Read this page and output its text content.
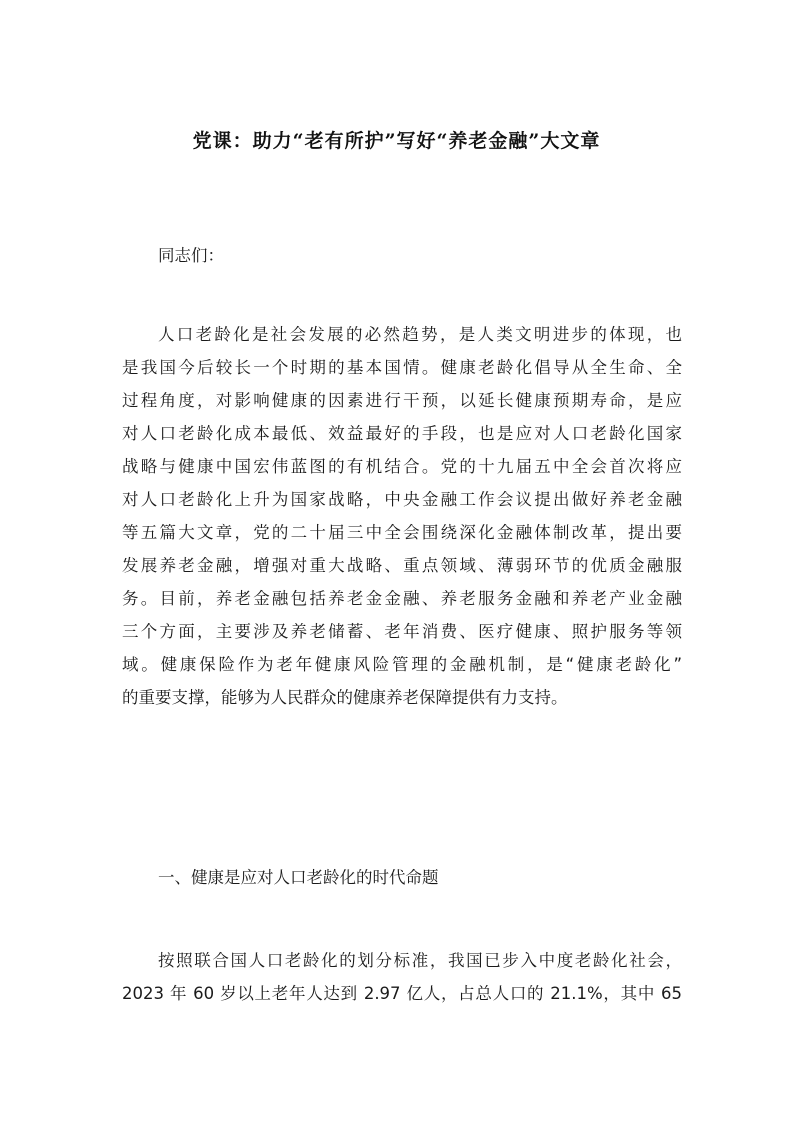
党课：助力“老有所护”写好“养老金融”大文章
同志们：
人口老龄化是社会发展的必然趋势，是人类文明进步的体现，也
是我国今后较长一个时期的基本国情。健康老龄化倡导从全生命、全
过程角度，对影响健康的因素进行干预，以延长健康预期寿命，是应
对人口老龄化成本最低、效益最好的手段，也是应对人口老龄化国家
战略与健康中国宏伟蓝图的有机结合。党的十九届五中全会首次将应
对人口老龄化上升为国家战略，中央金融工作会议提出做好养老金融
等五篇大文章，党的二十届三中全会围绕深化金融体制改革，提出要
发展养老金融，增强对重大战略、重点领域、薄弱环节的优质金融服
务。目前，养老金融包括养老金金融、养老服务金融和养老产业金融
三个方面，主要涉及养老储蓄、老年消费、医疗健康、照护服务等领
域。健康保险作为老年健康风险管理的金融机制，是“健康老龄化”
的重要支撑，能够为人民群众的健康养老保障提供有力支持。
一、健康是应对人口老龄化的时代命题
按照联合国人口老龄化的划分标准，我国已步入中度老龄化社会，
2023 年 60 岁以上老年人达到 2.97 亿人，占总人口的 21.1%，其中 65
